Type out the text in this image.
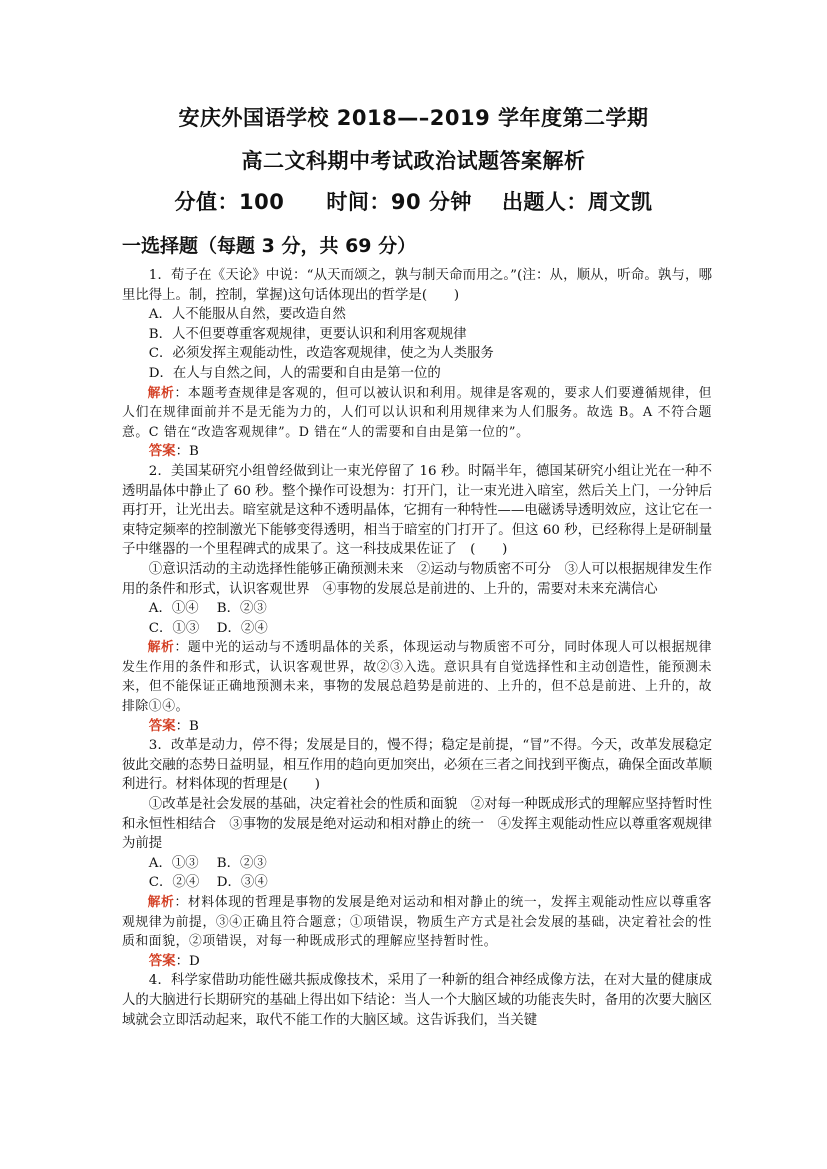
安庆外国语学校 2018—–2019 学年度第二学期
高二文科期中考试政治试题答案解析
分值：100 时间：90 分钟 出题人：周文凯
一选择题（每题 3 分，共 69 分）

1．荀子在《天论》中说：“从天而颂之，孰与制天命而用之。”(注：从，顺从，听命。孰与，哪里比得上。制，控制，掌握)这句话体现出的哲学是(　　)

A．人不能服从自然，要改造自然

B．人不但要尊重客观规律，更要认识和利用客观规律

C．必须发挥主观能动性，改造客观规律，使之为人类服务

D．在人与自然之间，人的需要和自由是第一位的

解析：本题考查规律是客观的，但可以被认识和利用。规律是客观的，要求人们要遵循规律，但人们在规律面前并不是无能为力的，人们可以认识和利用规律来为人们服务。故选 B。A 不符合题意。C 错在“改造客观规律”。D 错在“人的需要和自由是第一位的”。

答案：B

2．美国某研究小组曾经做到让一束光停留了 16 秒。时隔半年，德国某研究小组让光在一种不透明晶体中静止了 60 秒。整个操作可设想为：打开门，让一束光进入暗室，然后关上门，一分钟后再打开，让光出去。暗室就是这种不透明晶体，它拥有一种特性——电磁诱导透明效应，这让它在一束特定频率的控制激光下能够变得透明，相当于暗室的门打开了。但这 60 秒，已经称得上是研制量子中继器的一个里程碑式的成果了。这一科技成果佐证了　(　　)

①意识活动的主动选择性能够正确预测未来　②运动与物质密不可分　③人可以根据规律发生作用的条件和形式，认识客观世界　④事物的发展总是前进的、上升的，需要对未来充满信心

A．①④ B．②③

C．①③ D．②④

解析：题中光的运动与不透明晶体的关系，体现运动与物质密不可分，同时体现人可以根据规律发生作用的条件和形式，认识客观世界，故②③入选。意识具有自觉选择性和主动创造性，能预测未来，但不能保证正确地预测未来，事物的发展总趋势是前进的、上升的，但不总是前进、上升的，故排除①④。

答案：B

3．改革是动力，停不得；发展是目的，慢不得；稳定是前提，“冒”不得。今天，改革发展稳定彼此交融的态势日益明显，相互作用的趋向更加突出，必须在三者之间找到平衡点，确保全面改革顺利进行。材料体现的哲理是(　　)

①改革是社会发展的基础，决定着社会的性质和面貌　②对每一种既成形式的理解应坚持暂时性和永恒性相结合　③事物的发展是绝对运动和相对静止的统一　④发挥主观能动性应以尊重客观规律为前提

A．①③ B．②③

C．②④ D．③④

解析：材料体现的哲理是事物的发展是绝对运动和相对静止的统一，发挥主观能动性应以尊重客观规律为前提，③④正确且符合题意；①项错误，物质生产方式是社会发展的基础，决定着社会的性质和面貌，②项错误，对每一种既成形式的理解应坚持暂时性。

答案：D

4．科学家借助功能性磁共振成像技术，采用了一种新的组合神经成像方法，在对大量的健康成人的大脑进行长期研究的基础上得出如下结论：当人一个大脑区域的功能丧失时，备用的次要大脑区域就会立即活动起来，取代不能工作的大脑区域。这告诉我们，当关键
